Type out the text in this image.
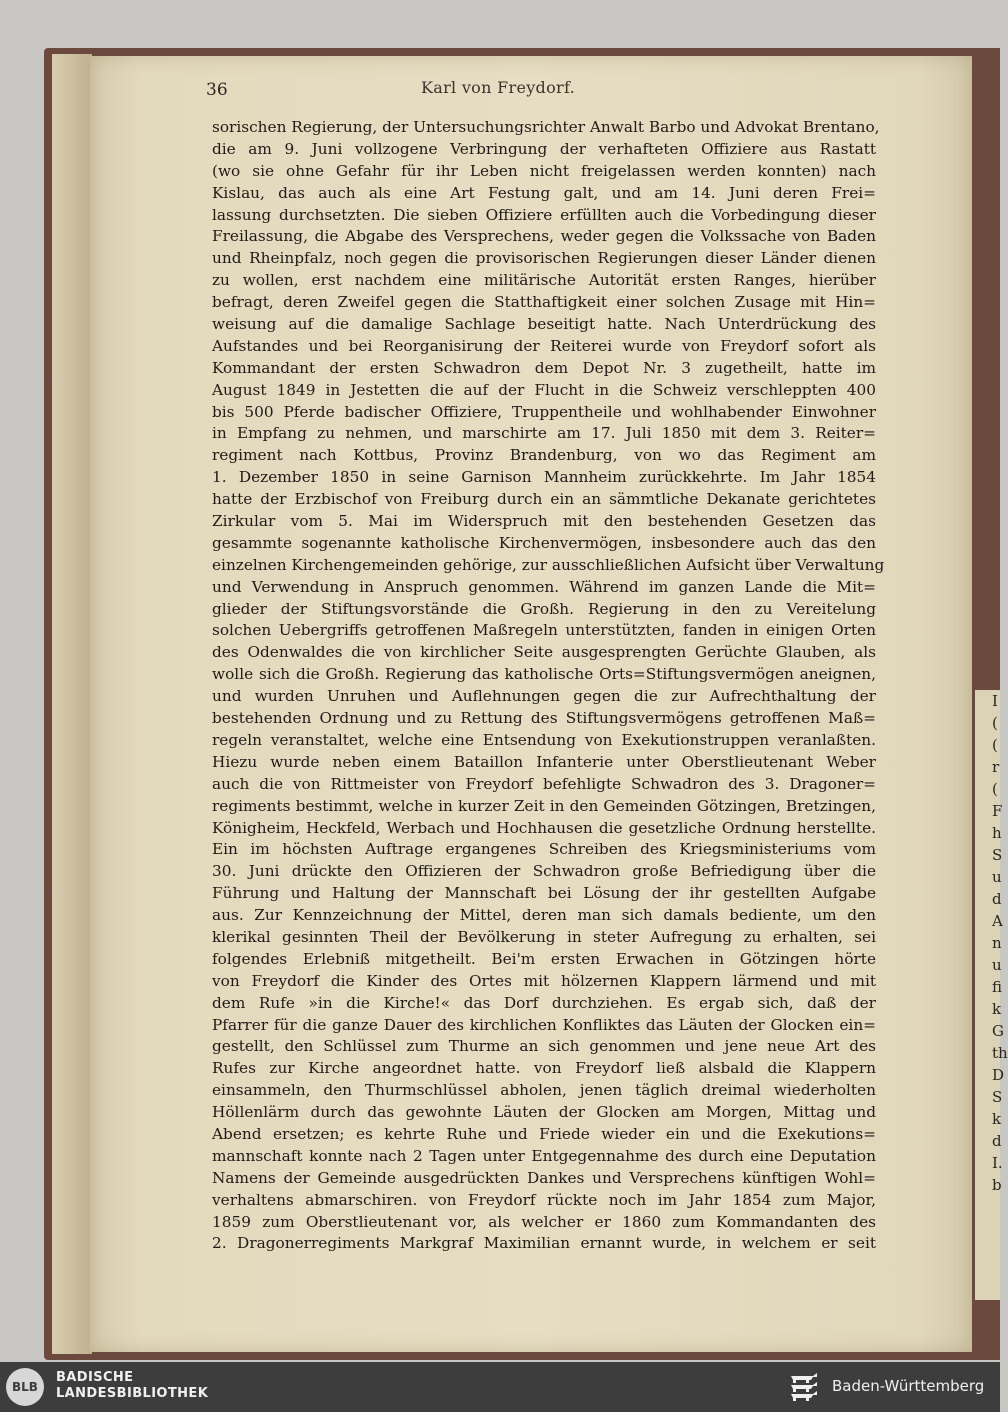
36	Karl von Freydorf.
sorischen Regierung, der Untersuchungsrichter Anwalt Barbo und Advokat Brentano,
die am 9. Juni vollzogene Verbringung der verhafteten Offiziere aus Rastatt
(wo sie ohne Gefahr für ihr Leben nicht freigelassen werden konnten) nach
Kislau, das auch als eine Art Festung galt, und am 14. Juni deren Frei=
lassung durchsetzten. Die sieben Offiziere erfüllten auch die Vorbedingung dieser
Freilassung, die Abgabe des Versprechens, weder gegen die Volkssache von Baden
und Rheinpfalz, noch gegen die provisorischen Regierungen dieser Länder dienen
zu wollen, erst nachdem eine militärische Autorität ersten Ranges, hierüber
befragt, deren Zweifel gegen die Statthaftigkeit einer solchen Zusage mit Hin=
weisung auf die damalige Sachlage beseitigt hatte. Nach Unterdrückung des
Aufstandes und bei Reorganisirung der Reiterei wurde von Freydorf sofort als
Kommandant der ersten Schwadron dem Depot Nr. 3 zugetheilt, hatte im
August 1849 in Jestetten die auf der Flucht in die Schweiz verschleppten 400
bis 500 Pferde badischer Offiziere, Truppentheile und wohlhabender Einwohner
in Empfang zu nehmen, und marschirte am 17. Juli 1850 mit dem 3. Reiter=
regiment nach Kottbus, Provinz Brandenburg, von wo das Regiment am
1. Dezember 1850 in seine Garnison Mannheim zurückkehrte. Im Jahr 1854
hatte der Erzbischof von Freiburg durch ein an sämmtliche Dekanate gerichtetes
Zirkular vom 5. Mai im Widerspruch mit den bestehenden Gesetzen das
gesammte sogenannte katholische Kirchenvermögen, insbesondere auch das den
einzelnen Kirchengemeinden gehörige, zur ausschließlichen Aufsicht über Verwaltung
und Verwendung in Anspruch genommen. Während im ganzen Lande die Mit=
glieder der Stiftungsvorstände die Großh. Regierung in den zu Vereitelung
solchen Uebergriffs getroffenen Maßregeln unterstützten, fanden in einigen Orten
des Odenwaldes die von kirchlicher Seite ausgesprengten Gerüchte Glauben, als
wolle sich die Großh. Regierung das katholische Orts=Stiftungsvermögen aneignen,
und wurden Unruhen und Auflehnungen gegen die zur Aufrechthaltung der
bestehenden Ordnung und zu Rettung des Stiftungsvermögens getroffenen Maß=
regeln veranstaltet, welche eine Entsendung von Exekutionstruppen veranlaßten.
Hiezu wurde neben einem Bataillon Infanterie unter Oberstlieutenant Weber
auch die von Rittmeister von Freydorf befehligte Schwadron des 3. Dragoner=
regiments bestimmt, welche in kurzer Zeit in den Gemeinden Götzingen, Bretzingen,
Königheim, Heckfeld, Werbach und Hochhausen die gesetzliche Ordnung herstellte.
Ein im höchsten Auftrage ergangenes Schreiben des Kriegsministeriums vom
30. Juni drückte den Offizieren der Schwadron große Befriedigung über die
Führung und Haltung der Mannschaft bei Lösung der ihr gestellten Aufgabe
aus. Zur Kennzeichnung der Mittel, deren man sich damals bediente, um den
klerikal gesinnten Theil der Bevölkerung in steter Aufregung zu erhalten, sei
folgendes Erlebniß mitgetheilt. Bei'm ersten Erwachen in Götzingen hörte
von Freydorf die Kinder des Ortes mit hölzernen Klappern lärmend und mit
dem Rufe »in die Kirche!« das Dorf durchziehen. Es ergab sich, daß der
Pfarrer für die ganze Dauer des kirchlichen Konfliktes das Läuten der Glocken ein=
gestellt, den Schlüssel zum Thurme an sich genommen und jene neue Art des
Rufes zur Kirche angeordnet hatte. von Freydorf ließ alsbald die Klappern
einsammeln, den Thurmschlüssel abholen, jenen täglich dreimal wiederholten
Höllenlärm durch das gewohnte Läuten der Glocken am Morgen, Mittag und
Abend ersetzen; es kehrte Ruhe und Friede wieder ein und die Exekutions=
mannschaft konnte nach 2 Tagen unter Entgegennahme des durch eine Deputation
Namens der Gemeinde ausgedrückten Dankes und Versprechens künftigen Wohl=
verhaltens abmarschiren. von Freydorf rückte noch im Jahr 1854 zum Major,
1859 zum Oberstlieutenant vor, als welcher er 1860 zum Kommandanten des
2. Dragonerregiments Markgraf Maximilian ernannt wurde, in welchem er seit
I
(
(
r
(
F
h
S
u
d
A
n
u
fi
k
G
th
D
S
k
d
I.
b
BLB
BADISCHE
LANDESBIBLIOTHEK	Baden-Württemberg
